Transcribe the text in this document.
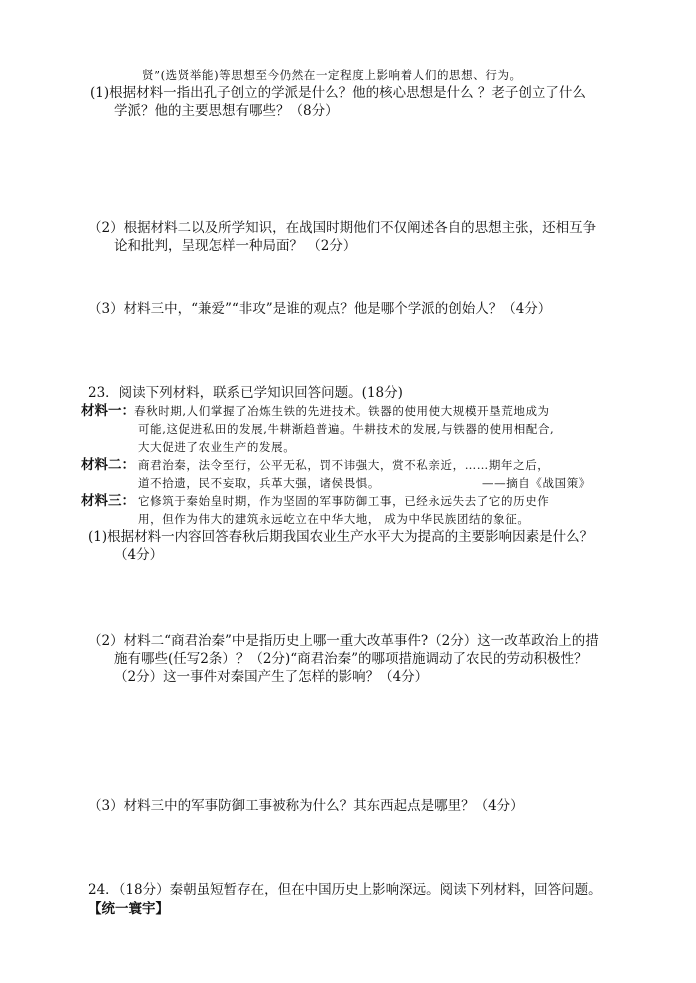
贤”(选贤举能)等思想至今仍然在一定程度上影响着人们的思想、行为。
(1)根据材料一指出孔子创立的学派是什么？他的核心思想是什么 ？老子创立了什么
学派？他的主要思想有哪些？（8分）
（2）根据材料二以及所学知识，在战国时期他们不仅阐述各自的思想主张，还相互争
论和批判，呈现怎样一种局面？ （2分）
（3）材料三中，“兼爱”“非攻”是谁的观点？他是哪个学派的创始人？（4分）
23．阅读下列材料，联系已学知识回答问题。(18分)
材料一： 春秋时期,人们掌握了冶炼生铁的先进技术。铁器的使用使大规模开垦荒地成为
可能,这促进私田的发展,牛耕渐趋普遍。牛耕技术的发展,与铁器的使用相配合,
大大促进了农业生产的发展。
材料二： 商君治秦，法令至行，公平无私，罚不讳强大，赏不私亲近，……期年之后，
道不拾遗，民不妄取，兵革大强，诸侯畏惧。	——摘自《战国策》
材料三： 它修筑于秦始皇时期，作为坚固的军事防御工事，已经永远失去了它的历史作
用，但作为伟大的建筑永远屹立在中华大地， 成为中华民族团结的象征。
(1)根据材料一内容回答春秋后期我国农业生产水平大为提高的主要影响因素是什么？
（4分）
（2）材料二“商君治秦”中是指历史上哪一重大改革事件?（2分）这一改革政治上的措
施有哪些(任写2条）？（2分)“商君治秦”的哪项措施调动了农民的劳动积极性？
（2分）这一事件对秦国产生了怎样的影响？（4分）
（3）材料三中的军事防御工事被称为什么？其东西起点是哪里？（4分）
24．（18分）秦朝虽短暂存在，但在中国历史上影响深远。阅读下列材料，回答问题。
【统一寰宇】
